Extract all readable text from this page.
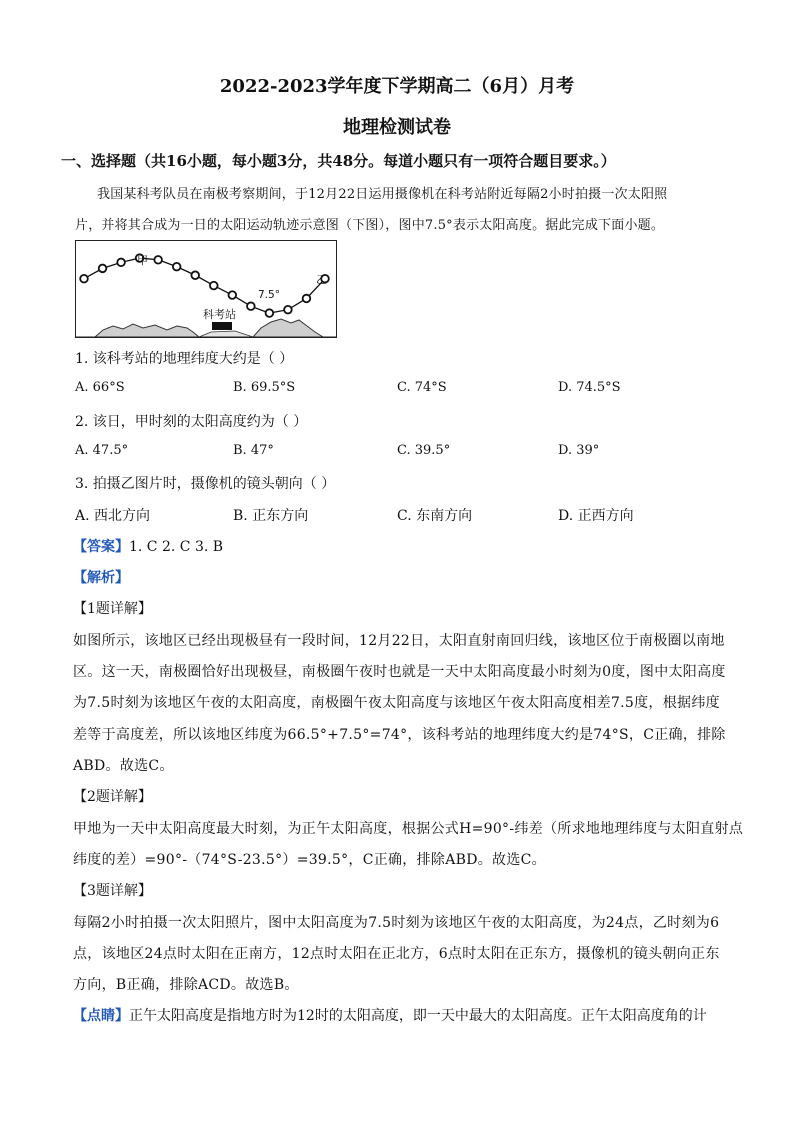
2022-2023学年度下学期高二（6月）月考
地理检测试卷
一、选择题（共16小题，每小题3分，共48分。每道小题只有一项符合题目要求。）
我国某科考队员在南极考察期间，于12月22日运用摄像机在科考站附近每隔2小时拍摄一次太阳照
片，并将其合成为一日的太阳运动轨迹示意图（下图），图中7.5°表示太阳高度。据此完成下面小题。
科考站
甲
乙
7.5°
1. 该科考站的地理纬度大约是（ ）
A. 66°S	B. 69.5°S	C. 74°S	D. 74.5°S
2. 该日，甲时刻的太阳高度约为（ ）
A. 47.5°	B. 47°	C. 39.5°	D. 39°
3. 拍摄乙图片时，摄像机的镜头朝向（ ）
A. 西北方向	B. 正东方向	C. 东南方向	D. 正西方向
【答案】1. C 2. C 3. B
【解析】
【1题详解】
如图所示，该地区已经出现极昼有一段时间，12月22日，太阳直射南回归线，该地区位于南极圈以南地
区。这一天，南极圈恰好出现极昼，南极圈午夜时也就是一天中太阳高度最小时刻为0度，图中太阳高度
为7.5时刻为该地区午夜的太阳高度，南极圈午夜太阳高度与该地区午夜太阳高度相差7.5度，根据纬度
差等于高度差，所以该地区纬度为66.5°+7.5°=74°，该科考站的地理纬度大约是74°S，C正确，排除
ABD。故选C。
【2题详解】
甲地为一天中太阳高度最大时刻，为正午太阳高度，根据公式H=90°-纬差（所求地地理纬度与太阳直射点
纬度的差）=90°-（74°S-23.5°）=39.5°，C正确，排除ABD。故选C。
【3题详解】
每隔2小时拍摄一次太阳照片，图中太阳高度为7.5时刻为该地区午夜的太阳高度，为24点，乙时刻为6
点，该地区24点时太阳在正南方，12点时太阳在正北方，6点时太阳在正东方，摄像机的镜头朝向正东
方向，B正确，排除ACD。故选B。
【点睛】正午太阳高度是指地方时为12时的太阳高度，即一天中最大的太阳高度。正午太阳高度角的计
